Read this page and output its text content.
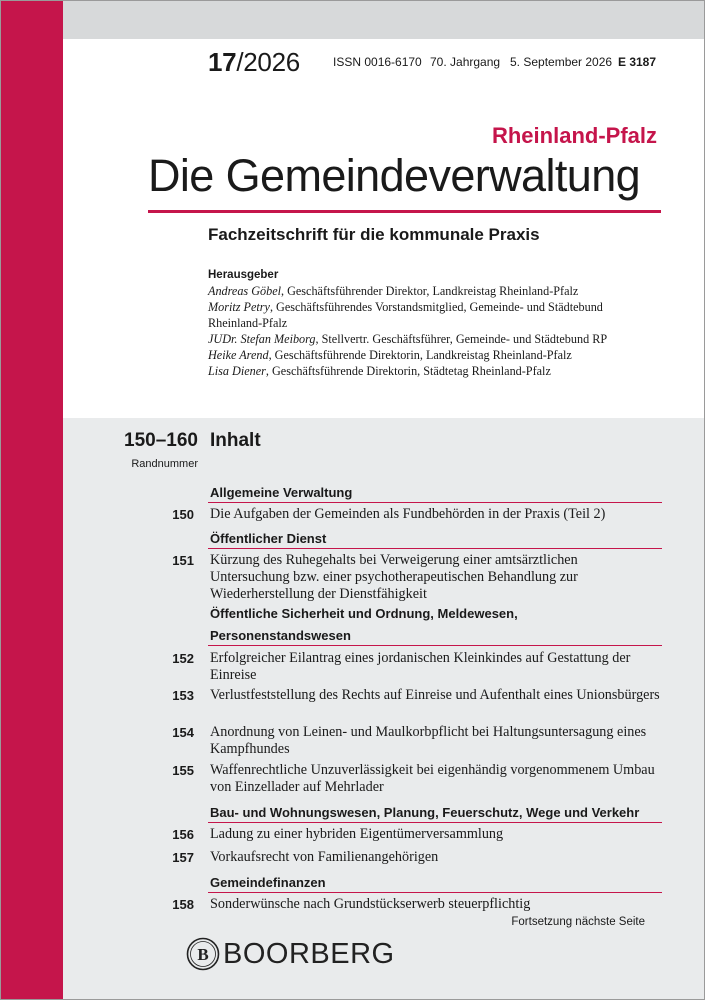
17/2026	ISSN 0016-6170 70. Jahrgang 5. September 2026 E 3187
Rheinland-Pfalz
Die Gemeindeverwaltung
Fachzeitschrift für die kommunale Praxis
Herausgeber
Andreas Göbel, Geschäftsführender Direktor, Landkreistag Rheinland-Pfalz
Moritz Petry, Geschäftsführendes Vorstandsmitglied, Gemeinde- und Städtebund Rheinland-Pfalz
JUDr. Stefan Meiborg, Stellvertr. Geschäftsführer, Gemeinde- und Städtebund RP
Heike Arend, Geschäftsführende Direktorin, Landkreistag Rheinland-Pfalz
Lisa Diener, Geschäftsführende Direktorin, Städtetag Rheinland-Pfalz
150–160
Randnummer
Inhalt
Allgemeine Verwaltung
150 Die Aufgaben der Gemeinden als Fundbehörden in der Praxis (Teil 2)
Öffentlicher Dienst
151 Kürzung des Ruhegehalts bei Verweigerung einer amtsärztlichen Untersuchung bzw. einer psychotherapeutischen Behandlung zur Wiederherstellung der Dienstfähigkeit
Öffentliche Sicherheit und Ordnung, Meldewesen,
Personenstandswesen
152 Erfolgreicher Eilantrag eines jordanischen Kleinkindes auf Gestattung der Einreise
153 Verlustfeststellung des Rechts auf Einreise und Aufenthalt eines Unionsbürgers
154 Anordnung von Leinen- und Maulkorbpflicht bei Haltungsuntersagung eines Kampfhundes
155 Waffenrechtliche Unzuverlässigkeit bei eigenhändig vorgenommenem Umbau von Einzellader auf Mehrlader
Bau- und Wohnungswesen, Planung, Feuerschutz, Wege und Verkehr
156 Ladung zu einer hybriden Eigentümerversammlung
157 Vorkaufsrecht von Familienangehörigen
Gemeindefinanzen
158 Sonderwünsche nach Grundstückserwerb steuerpflichtig
Fortsetzung nächste Seite
B BOORBERG
